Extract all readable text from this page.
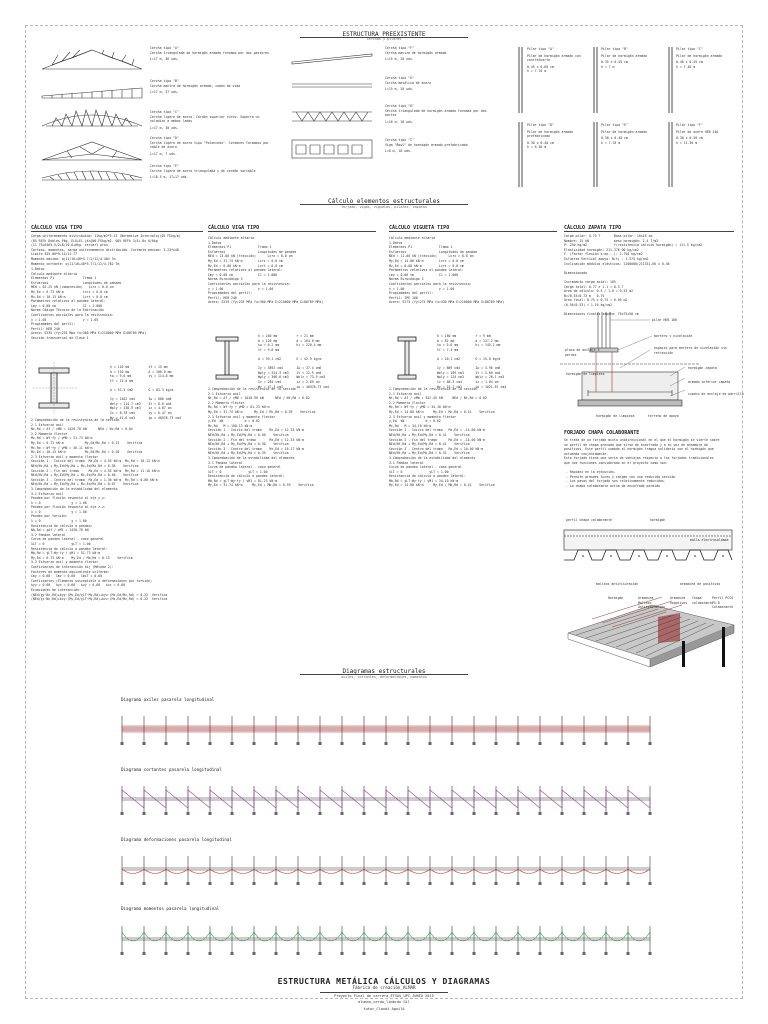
ESTRUCTURA PREEXISTENTE
cerchas y pilares
Cercha tipo "A"
Cercha triangulada de hormigón armado formado por dos pastores
L=17 m, 36 uds.
Cercha tipo "B"
Cercha mantra de hormigón armado, común de vida
L=17 m, 37 uds.
Cercha tipo "C"
Cercha ligera de acero. Cordón superior curvo. Soporta un voladizo a ambos lados
L=17 m, 30 uds.
Cercha tipo "D"
Cercha ligera de acero tipo "Polonceau". Cordones formados por cable de acero
L=17 m, 7 uds.
Cercha tipo "E"
Cercha ligera de acero triangulada y de cordón variable
L=16.5 m, 17+17 uds.
Cercha tipo "F"
Cercha maciza de hormigón armado
L=15 m, 20 uds.
Cercha tipo "G"
Cercha metálica de acero
L=15 m, 20 uds.
Cercha tipo "H"
Cercha triangulada de hormigón armado formado por dos partes
L=16 m, 18 uds.
Cercha tipo "I"
Viga "Bowl" de hormigón armado prefabricado
L=8 m, 18 uds.
Pilar tipo "A"
Pilar de hormigón armado con contrafuerte
0.45 x 0.60 cm
h = 7.70 m
Pilar tipo "B"
Pilar de hormigón armado
0.35 x 0.45 cm
h = 7 m
Pilar tipo "C"
Pilar de hormigón armado
0.40 x 0.45 cm
h = 7.40 m
Pilar tipo "D"
Pilar de hormigón armado prefabricado
0.30 x 0.40 cm
h = 6.30 m
Pilar tipo "E"
Pilar de hormigón armado
0.30 x 0.40 cm
h = 7.70 m
Pilar tipo "F"
Pilar de acero HEB 140
0.30 x 0.30 cm
h = 11.30 m
Cálculo elementos estructurales
forjado, vigas, viguetas, pilares, zapatas
CÁLCULO VIGA TIPO
Carga uniformemente distribuida: 11kg/m2*5.13 (Normativa Intervalo)(05 FEkg/m)
(05 REFk Dobles Pkg, ELU+EL.(Kn)N0.FEkg/m2. 005 REFk 3/4+ 8x 0/0kg
(11 75+6465.5/2+8/10.6+6kg. cercarl prou
Corteso, momentos, carga uniformemente distribuida. Cortante máximo: 3.23*x48
Limite 455.00*9.14/11.77
Momento máximo: q(11/16+48*5.7/2/12/4.484 7m
Momento cortante: q(11/16+48*5.7/2/12/4.782 7m
1.Datos
Cálculo mediante altaria
Elementos P1               Tramo 1
Esfuerzos                  Longitudes de pandeo
MEd = 62.25 kN (compresión)   Lcrx = 0.0 cm
My,Ed = 6.73 kN·m          Lcrz = 0.0 cm
Mz,Ed = 10.13 kN·m         Lcrt = 0.0 cm
Parámetros relativos al pandeo lateral:
Lmy = 0.00 cm              C1 = 1.000
Norma Código Técnico de la Edificación
Coeficientes parciales para la resistencia:
γ = 1.05                   γ = 1.05
Propiedades del perfil:
Perfil: HEB 240
Acero: S235 (fy=235 Mpa fu=360 MPa E=210000 MPa G=80769 MPa)
Sección transversal de Clase 1
h = 110 mm          tf = 15 mm
b = 110 mm          A = 106.0 mm
tw = 9.0 mm         iy = 114.8 mm
tf = 13.0 mm

A = 32.5 cm2        G = 83.3 kg/m

Iy = 1402 cm4       Iw = 600 cm6
Wely = 114.7 cm3    It = 8.8 cm4
Wply = 138.9 cm3    iz = 4.87 cm
Iz = 8.78 cm4       iy = 6.47 cm
Wz = 41.6 cm3       ip = 40978.73 cm4
2.Comprobación de la resistencia de la sección
2.1 Esfuerzo axil
Nc,Rd = Af / γM0 = 1420.70 kN      NEd / Nc,Rd = 0.04
2.2 Momento flector
Mc,Rd = Wf·fy / γM0 = 51.73 kN·m
My,Ed = 6.73 kN·m           My,Ed/Mc,Rd = 0.13    Verifica
Mc,Rd = Wf·fy / γM0 = 36.11 kN·m
Mz,Ed = 10.13 kN·m          Mz,Ed/Mc,Rd = 0.28    Verifica
2.3 Esfuerzo axil y momento flector
Sección 1 - Inicio del tramo  Mz,Ed = 4.55 kN·m  Mc,Rd = 10.13 kN·m
NEd/Nc,Rd + My,Ed/My,Rd + Mz,Ed/Mz,Rd = 0.38    Verifica
Sección 2 - Fin del tramo     Mz,Ed = 4.55 kN·m  Mc,Rd = 11.10 kN·m
NEd/Nc,Rd + My,Ed/My,Rd + Mz,Ed/Mz,Rd = 0.40    Verifica
Sección 3 - Centro del tramo  Mz,Ed = 1.36 kN·m  Mc,Rd = 0.00 kN·m
NEd/Nc,Rd + My,Ed/My,Rd + Mz,Ed/Mz,Rd = 0.07    Verifica
3.Comprobación de la estabilidad del elemento
3.1 Esfuerzo axil
Pandeo por flexión respecto al eje y-y:
λ = 0                χ = 1.00
Pandeo por flexión respecto al eje z-z:
λ = 0                χ = 1.00
Pandeo por torsión:
λ = 0                χ = 1.00
Resistencia de cálculo a pandeo:
Nb,Rd = χAf / γM1 = 1420.70 kN
3.2 Pandeo lateral
Curva de pandeo lateral - caso general
λLT = 0              χLT = 1.00
Resistencia de cálculo a pandeo lateral:
Mb,Rd = χLT·Wy·fy / γM1 = 51.73 kN·m
My,Ed = 6.73 kN·m    My,Ed / Mb,Rd = 0.13    Verifica
3.3 Esfuerzo axil y momento flector
Coeficientes de interacción kij (Método 2):
Factores de momento equivalente uniforme:
Cmy = 0.60   Cmz = 0.60   CmLT = 0.60
Coeficientes (Elemento susceptible a deformaciones por torsión)
kyy = 0.60   kyz = 0.60   kzy = 0.60   kzz = 0.60
Ecuaciones de interacción:
(NEd/χy·Nc,Rd)+kyy·(My,Ed/χLT·My,Rd)+kyz·(Mz,Ed/Mz,Rd) = 0.22  Verifica
(NEd/χz·Nc,Rd)+kzy·(My,Ed/χLT·My,Rd)+kzz·(Mz,Ed/Mz,Rd) = 0.22  Verifica
CÁLCULO VIGA TIPO
Cálculo mediante altaria
1.Datos
Elementos P1              Tramo 1
Esfuerzos                 Longitudes de pandeo
NEd = 13.00 kN (tracción)      Lcrx = 0.0 cm
My,Ed = 31.74 kN·m        Lcrz = 0.0 cm
Mz,Ed = 0.00 kN·m         Lcrt = 0.0 cm
Parámetros relativos al pandeo lateral:
Lmy = 0.00 cm             C1 = 1.000
Norma Eurocódigo 3
Coeficientes parciales para la resistencia:
γ = 1.00                  γ = 1.00
Propiedades del perfil:
Perfil: HEB 240
Acero: S235 (fy=235 MPa fu=360 MPa E=210000 MPa G=80769 MPa)
h = 240 mm          r = 21 mm
b = 120 mm          d = 164.0 mm
tw = 6.2 mm         hi = 220.4 mm
tf = 9.8 mm

A = 39.1 cm2        G = 42.9 kg/m

Iy = 3892 cm4       Iw = 37.4 cm6
Wply = 324.3 cm3    It = 12.9 cm4
Wply = 366.6 cm3    Wplz = 73.9 cm3
Iz = 284 cm4        iz = 2.69 cm
Wz = 47.3 cm3       ip = 40978.73 cm4
2.Comprobación de la resistencia de la sección
2.1 Esfuerzo axil
Nt,Rd = Af / γM0 = 1018.90 kN      NEd / Nt,Rd = 0.02
2.2 Momento flector
Mc,Rd = Wf·fy / γM0 = 81.23 kN·m
My,Ed = 31.74 kN·m      My,Ed / Mc,Rd = 0.39    Verifica
2.3 Esfuerzo axil y momento flector
y,Ed  kN           σ = 0.62
Mc,Rd   M = 100.13 kN·m
Sección 1 - Inicio del tramo    Mz,Ed = 12.33 kN·m
NEd/Nt,Rd + My,Ed/My,Rd = 0.30    Verifica
Sección 2 - Fin del tramo       Mz,Ed = 12.33 kN·m
NEd/Nt,Rd + My,Ed/My,Rd = 0.30    Verifica
Sección 3 - Centro del tramo    Mz,Ed = 16.17 kN·m
NEd/Nt,Rd + My,Ed/My,Rd = 0.39    Verifica
3.Comprobación de la estabilidad del elemento
3.1 Pandeo lateral
Curva de pandeo lateral - caso general
λLT = 0              χLT = 1.00
Resistencia de cálculo a pandeo lateral:
Mb,Rd = χLT·Wy·fy / γM1 = 81.23 kN·m
My,Ed = 31.74 kN·m     My,Ed / Mb,Rd = 0.39    Verifica
CÁLCULO VIGUETA TIPO
Cálculo mediante altaria
1.Datos
Elementos P1              Tramo 1
Esfuerzos                 Longitudes de pandeo
NEd = 11.00 kN (tracción)      Lcrx = 0.0 cm
My,Ed = 14.00 kN·m        Lcrz = 0.0 cm
Mz,Ed = 0.00 kN·m         Lcrt = 0.0 cm
Parámetros relativos al pandeo lateral:
Lmy = 0.00 cm             C1 = 1.000
Norma Eurocódigo 3
Coeficientes parciales para la resistencia:
γ = 1.00                  γ = 1.00
Propiedades del perfil:
Perfil: IPE 160
Acero: S275 (fy=275 MPa fu=430 MPa E=210000 MPa G=80769 MPa)
h = 160 mm          r = 9 mm
b = 82 mm           d = 127.2 mm
tw = 5.0 mm         hi = 145.2 mm
tf = 7.4 mm

A = 20.1 cm2        G = 15.8 kg/m

Iy = 869 cm4        Iw = 3.96 cm6
Wely = 109 cm3      It = 3.60 cm4
Wply = 124 cm3      Wplz = 26.1 cm3
Iz = 68.3 cm4       iz = 1.84 cm
Wz = 16.7 cm3       ip = 1021.87 cm4
2.Comprobación de la resistencia de la sección
2.1 Esfuerzo axil
Nt,Rd = Af / γM0 = 552.45 kN     NEd / Nt,Rd = 0.02
2.2 Momento flector
Mc,Rd = Wf·fy / γM0 = 34.10 kN·m
My,Ed = 14.00 kN·m     My,Ed / Mc,Rd = 0.41    Verifica
2.3 Esfuerzo axil y momento flector
y,Ed  kN           σ = 0.62
Mc,Rd   M = 34.10 kN·m
Sección 1 - Inicio del tramo   Mz,Ed = -14.00 kN·m
NEd/Nt,Rd + My,Ed/My,Rd = 0.41    Verifica
Sección 2 - Fin del tramo      Mz,Ed = -14.00 kN·m
NEd/Nt,Rd + My,Ed/My,Rd = 0.41    Verifica
Sección 3 - Centro del tramo   Mz,Ed = 10.50 kN·m
NEd/Nt,Rd + My,Ed/My,Rd = 0.31    Verifica
3.Comprobación de la estabilidad del elemento
3.1 Pandeo lateral
Curva de pandeo lateral - caso general
λLT = 0              χLT = 1.00
Resistencia de cálculo a pandeo lateral:
Mb,Rd = χLT·Wy·fy / γM1 = 34.10 kN·m
My,Ed = 14.00 kN·m     My,Ed / Mb,Rd = 0.41    Verifica
CÁLCULO ZAPATA TIPO
Carga pilar: 0.75 T       Base pilar: 16x16 cm
Nombre: 15 kN             peso hormigón: 2.4 T/m3
P: 230 kg/m2              f(resistencia cálculo hormigón) = 111.5 kg/cm2
Elasticidad hormigón: 211.376 00 kg/cm2
F. (Factor flexión k:ap...): 2.750 kg/cm2
Esfuerzo Vertical apoyo: N(t) · 1.575 kg/cm2
Inclinación módulos elásticos: 2100000(211331.66 x 0.46

Dimensionado

Incremento carga axial: 10%
Carga total: 0.77 x 1.1 = 0.5 T
Área de cálculo: 0.5 / 1.0 = 0.53 m2
B=√0.53=0.73 m   0.75
Área final: 0.75 x 0.75 = 0.56 m2
(0.56/0.53) = 1.16 kg/cm2

Dimensiones finales zapata: 75x75x50 cm
pilar HEB 160
placa de anclaje 4 pernos
mortero y nivelación
espacio para mortero de nivelación sin retracción
hormigón de limpieza
hormigón zapata
armado inferior zapata
cuadro de anclaje de parrilla
hormigón de limpieza	terreno de apoyo
FORJADO CHAPA COLABORANTE
Se trata de un forjado mixto unidireccional en el que el hormigón se vierte sobre
un perfil de chapa grecada que sirve de encofrado y a su vez de armadura de
positivos. Este perfil sumado al hormigón fragua solidario con el hormigón que
actuando conjuntamente.
Este forjado tiene una serie de ventajas respecto a los forjados tradicionales
que nos funciones considerado en el proyecto como son:

- Rapidez en la ejecución.
- Permite grandes luces y cargas con una reducida sección
- Los pasos del forjado son relativamente reducidos.
- La chapa colaborante actúa de encofrado perdido
perfil chapa colaborante	hormigón
malla electrosoldada
mallazo antifisuración	armadura de positivos
Hormigón	Armadura Mallazo Antifisuración
Armadura negativos
Chapa colaborante
Perfil PCCO 75.0 Colaborante
Diagramas estructurales
axiles, cortantes, deformaciones, momentos
Diagrama axiles pasarela longitudinal
Diagrama cortantes pasarela longitudinal
Diagrama deformaciones pasarela longitudinal
Diagrama momentos pasarela longitudinal
ESTRUCTURA METÁLICA CÁLCULOS Y DIAGRAMAS
Fábrica de creación_ALMAR
Proyecto Final de carrera_ETSAV_UPC_JUNIO 2015
alumno_cerdo_limbrán Gil
tutor_Claudi Aguiló
